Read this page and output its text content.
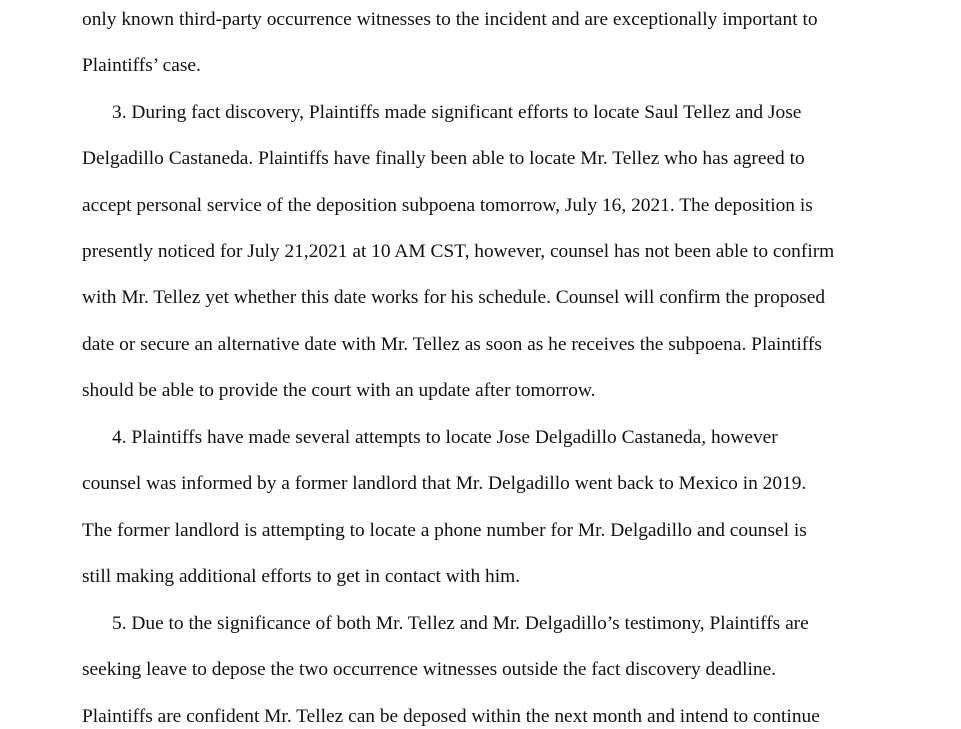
only known third-party occurrence witnesses to the incident and are exceptionally important to
Plaintiffs’ case.
3. During fact discovery, Plaintiffs made significant efforts to locate Saul Tellez and Jose
Delgadillo Castaneda. Plaintiffs have finally been able to locate Mr. Tellez who has agreed to
accept personal service of the deposition subpoena tomorrow, July 16, 2021. The deposition is
presently noticed for July 21,2021 at 10 AM CST, however, counsel has not been able to confirm
with Mr. Tellez yet whether this date works for his schedule. Counsel will confirm the proposed
date or secure an alternative date with Mr. Tellez as soon as he receives the subpoena. Plaintiffs
should be able to provide the court with an update after tomorrow.
4. Plaintiffs have made several attempts to locate Jose Delgadillo Castaneda, however
counsel was informed by a former landlord that Mr. Delgadillo went back to Mexico in 2019.
The former landlord is attempting to locate a phone number for Mr. Delgadillo and counsel is
still making additional efforts to get in contact with him.
5. Due to the significance of both Mr. Tellez and Mr. Delgadillo’s testimony, Plaintiffs are
seeking leave to depose the two occurrence witnesses outside the fact discovery deadline.
Plaintiffs are confident Mr. Tellez can be deposed within the next month and intend to continue
